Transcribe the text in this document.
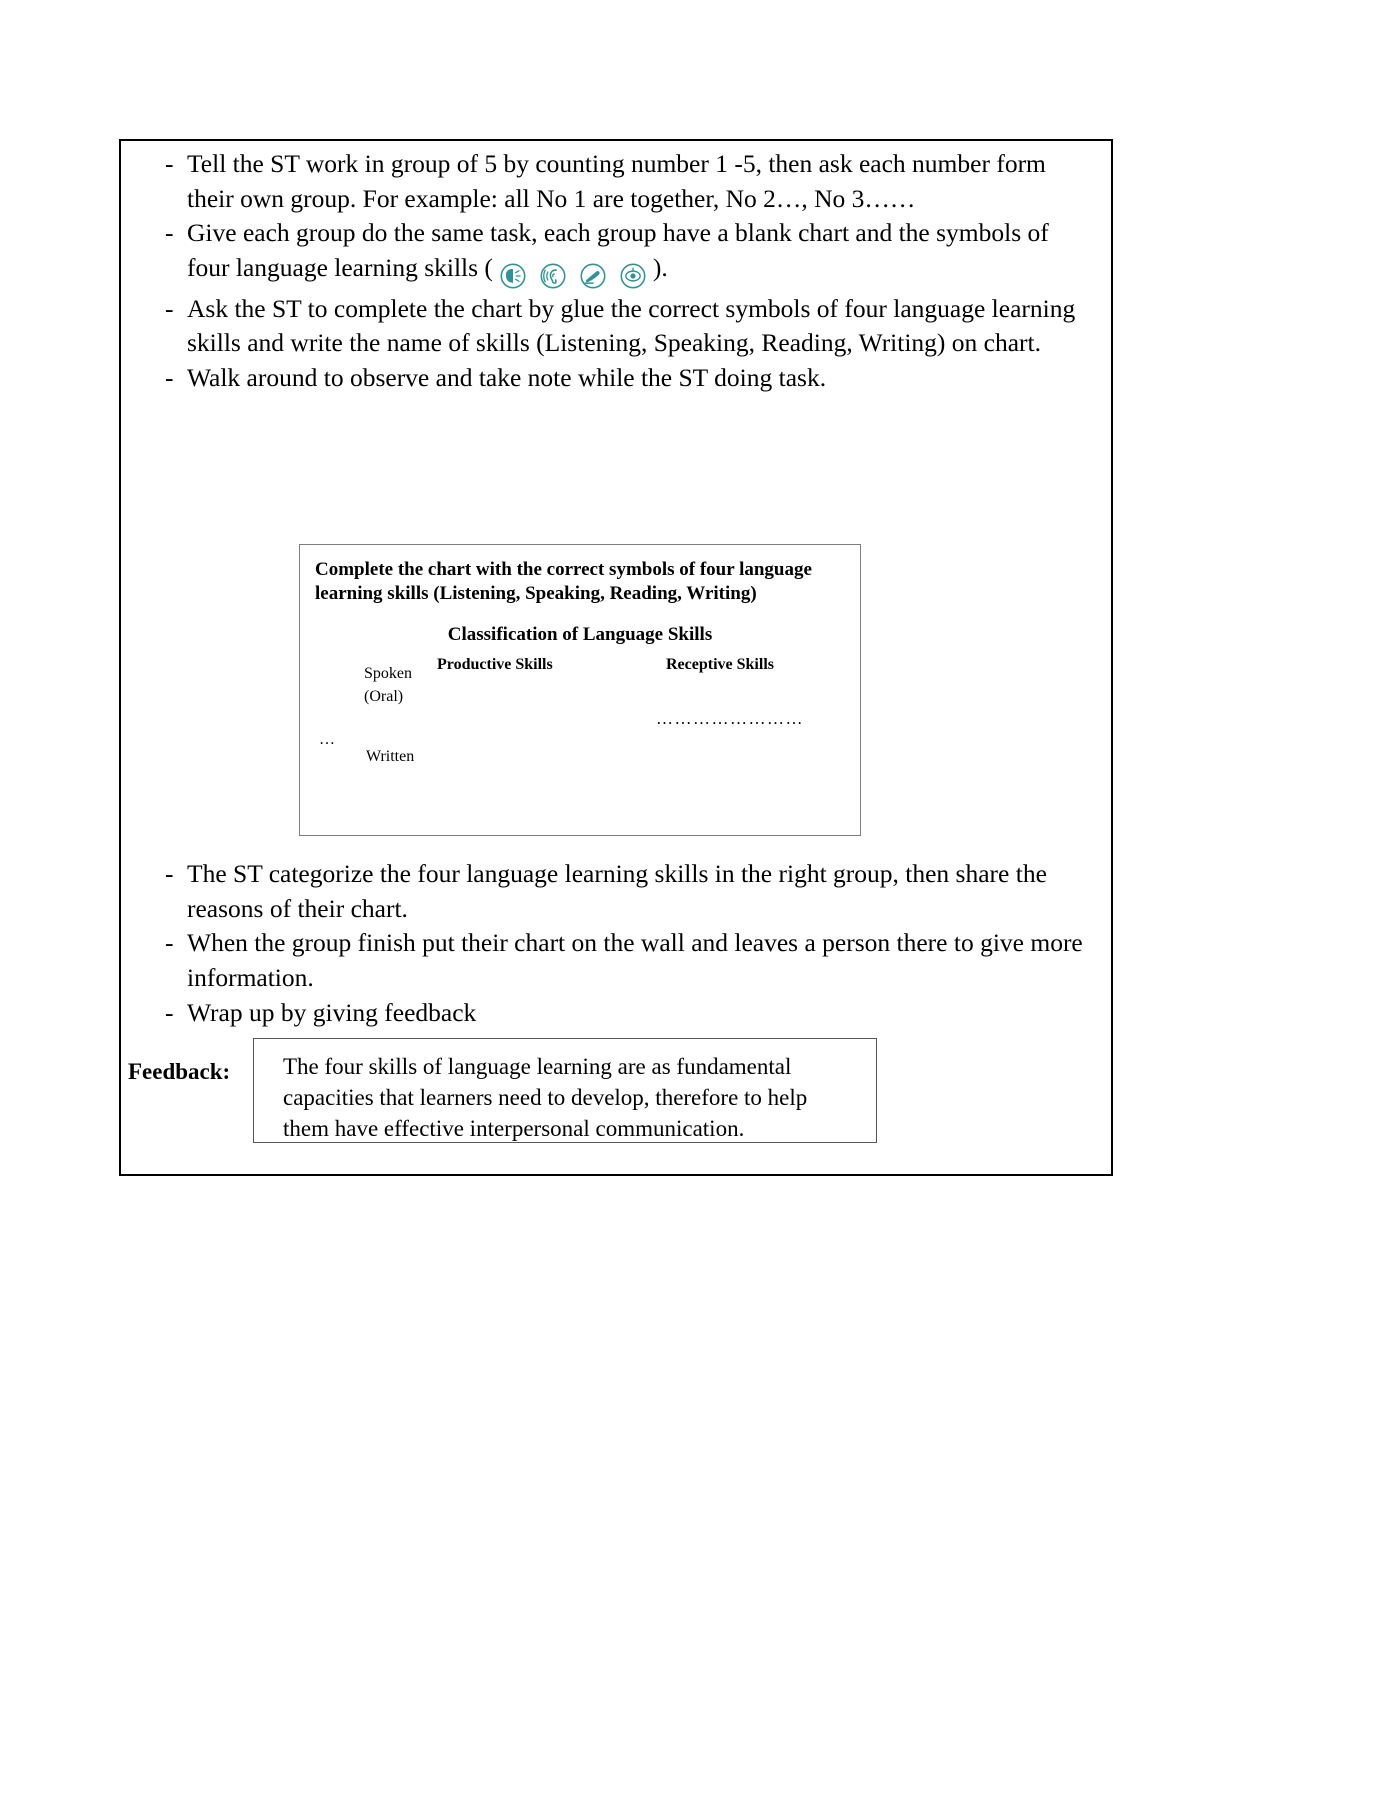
- Tell the ST work in group of 5 by counting number 1 -5, then ask each number form their own group. For example: all No 1 are together, No 2…, No 3……
- Give each group do the same task, each group have a blank chart and the symbols of four language learning skills (	).
- Ask the ST to complete the chart by glue the correct symbols of four language learning skills and write the name of skills (Listening, Speaking, Reading, Writing) on chart.
- Walk around to observe and take note while the ST doing task.
Complete the chart with the correct symbols of four language learning skills (Listening, Speaking, Reading, Writing)
Classification of Language Skills
Productive Skills	Receptive Skills
Spoken
(Oral)
Written
…
……………………
- The ST categorize the four language learning skills in the right group, then share the reasons of their chart.
- When the group finish put their chart on the wall and leaves a person there to give more information.
- Wrap up by giving feedback
Feedback: The four skills of language learning are as fundamental capacities that learners need to develop, therefore to help them have effective interpersonal communication.
